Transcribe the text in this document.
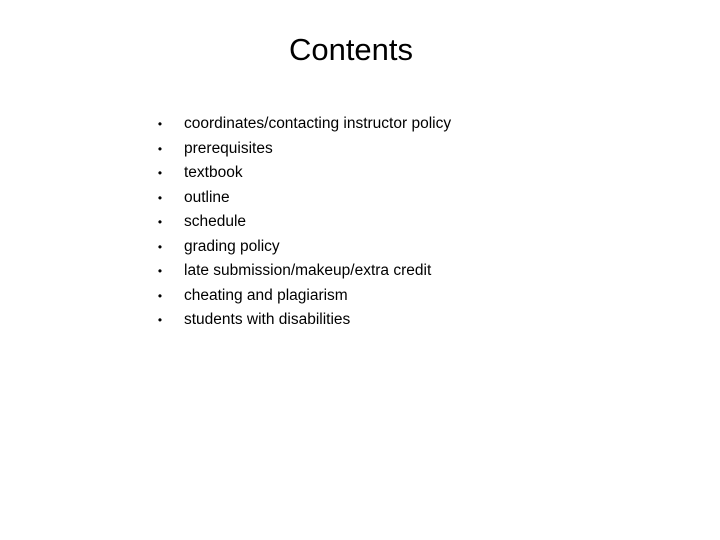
Contents
• coordinates/contacting instructor policy
• prerequisites
• textbook
• outline
• schedule
• grading policy
• late submission/makeup/extra credit
• cheating and plagiarism
• students with disabilities
